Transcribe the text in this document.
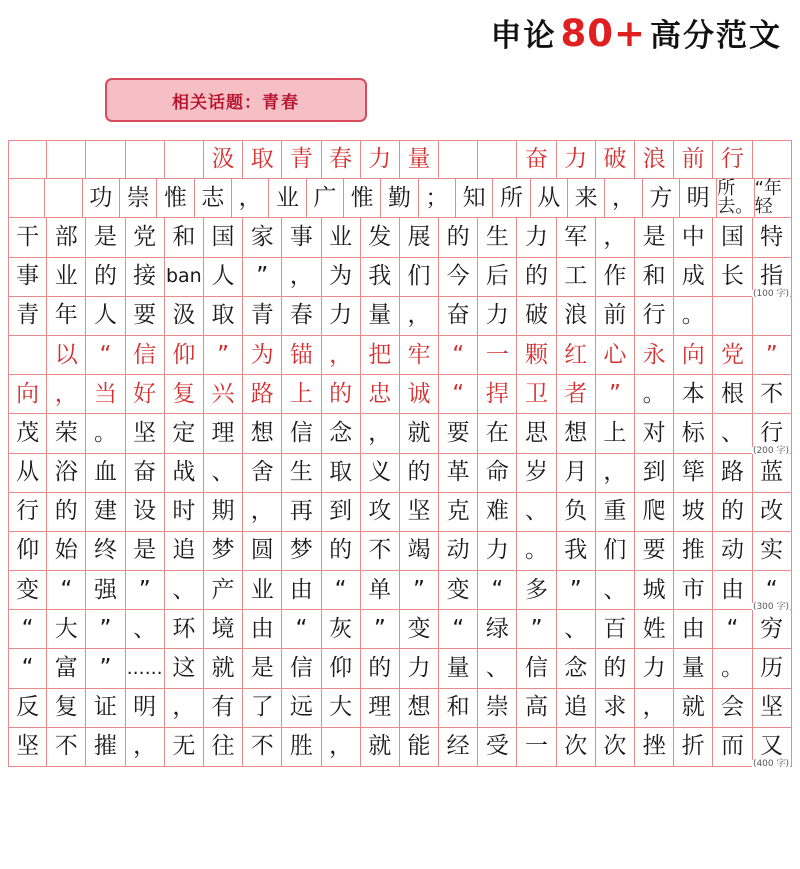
申论 80+ 高分范文
相关话题： 青春
汲 取 青 春 力 量	奋 力 破 浪 前 行
功 崇 惟 志 ， 业 广 惟 勤 ； 知 所 从 来 ， 方 明 所去。
“年轻
干 部 是 党 和 国 家 事 业 发 展 的 生 力 军 ， 是 中 国 特
事 业 的 接 ban 人 ” ， 为 我 们 今 后 的 工 作 和 成 长 指
(100 字)
青 年 人 要 汲 取 青 春 力 量 ， 奋 力 破 浪 前 行 。
以 “ 信 仰 ” 为 锚 ， 把 牢 “ 一 颗 红 心 永 向 党 ”
向 ， 当 好 复 兴 路 上 的 忠 诚 “ 捍 卫 者 ” 。 本 根 不
茂 荣 。 坚 定 理 想 信 念 ， 就 要 在 思 想 上 对 标 、 行
(200 字)
从 浴 血 奋 战 、 舍 生 取 义 的 革 命 岁 月 ， 到 筚 路 蓝
行 的 建 设 时 期 ， 再 到 攻 坚 克 难 、 负 重 爬 坡 的 改
仰 始 终 是 追 梦 圆 梦 的 不 竭 动 力 。 我 们 要 推 动 实
变 “ 强 ” 、 产 业 由 “ 单 ” 变 “ 多 ” 、 城 市 由 “
(300 字)
“ 大 ” 、 环 境 由 “ 灰 ” 变 “ 绿 ” 、 百 姓 由 “ 穷
“ 富 ” …… 这 就 是 信 仰 的 力 量 、 信 念 的 力 量 。 历
反 复 证 明 ， 有 了 远 大 理 想 和 崇 高 追 求 ， 就 会 坚
坚 不 摧 ， 无 往 不 胜 ， 就 能 经 受 一 次 次 挫 折 而 又
(400 字)
